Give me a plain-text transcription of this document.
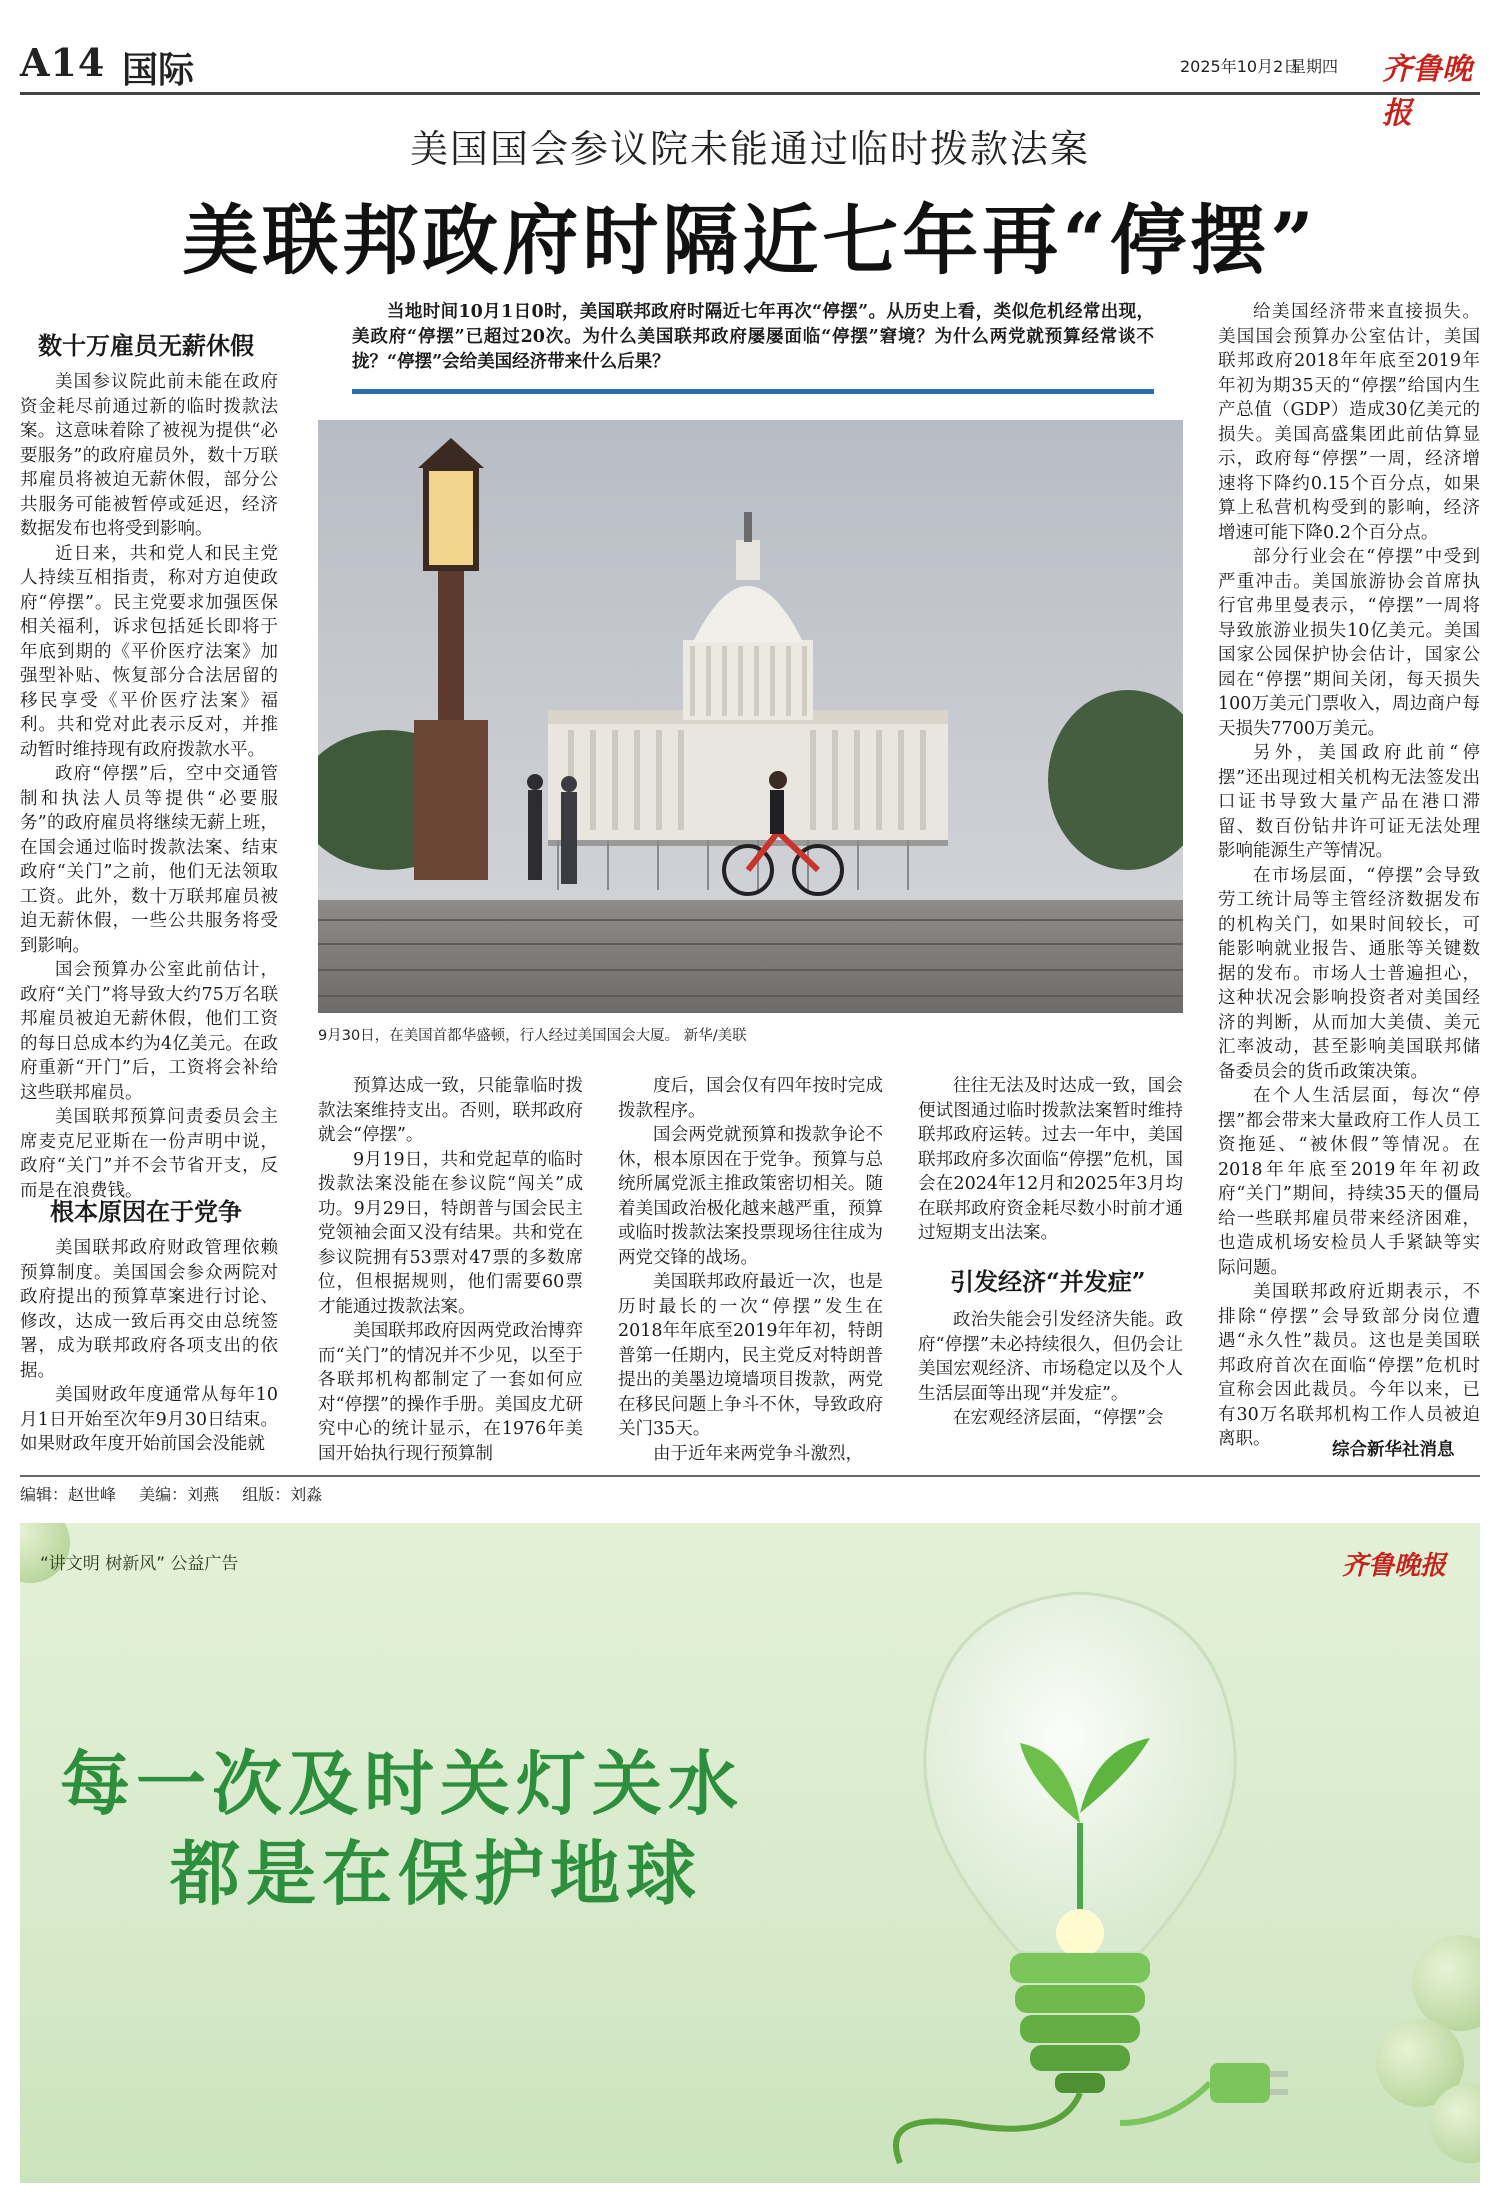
A14 国际	2025年10月2日
星期四 齐鲁晚报
美国国会参议院未能通过临时拨款法案
美联邦政府时隔近七年再“停摆”
当地时间10月1日0时，美国联邦政府时隔近七年再次“停摆”。从历史上看，类似危机经常出现，美政府“停摆”已超过20次。为什么美国联邦政府屡屡面临“停摆”窘境？为什么两党就预算经常谈不拢？“停摆”会给美国经济带来什么后果？
9月30日，在美国首都华盛顿，行人经过美国国会大厦。 新华/美联
数十万雇员无薪休假

美国参议院此前未能在政府资金耗尽前通过新的临时拨款法案。这意味着除了被视为提供“必要服务”的政府雇员外，数十万联邦雇员将被迫无薪休假，部分公共服务可能被暂停或延迟，经济数据发布也将受到影响。

近日来，共和党人和民主党人持续互相指责，称对方迫使政府“停摆”。民主党要求加强医保相关福利，诉求包括延长即将于年底到期的《平价医疗法案》加强型补贴、恢复部分合法居留的移民享受《平价医疗法案》福利。共和党对此表示反对，并推动暂时维持现有政府拨款水平。

政府“停摆”后，空中交通管制和执法人员等提供“必要服务”的政府雇员将继续无薪上班，在国会通过临时拨款法案、结束政府“关门”之前，他们无法领取工资。此外，数十万联邦雇员被迫无薪休假，一些公共服务将受到影响。

国会预算办公室此前估计，政府“关门”将导致大约75万名联邦雇员被迫无薪休假，他们工资的每日总成本约为4亿美元。在政府重新“开门”后，工资将会补给这些联邦雇员。

美国联邦预算问责委员会主席麦克尼亚斯在一份声明中说，政府“关门”并不会节省开支，反而是在浪费钱。

根本原因在于党争

美国联邦政府财政管理依赖预算制度。美国国会参众两院对政府提出的预算草案进行讨论、修改，达成一致后再交由总统签署，成为联邦政府各项支出的依据。

美国财政年度通常从每年10月1日开始至次年9月30日结束。如果财政年度开始前国会没能就

预算达成一致，只能靠临时拨款法案维持支出。否则，联邦政府就会“停摆”。

9月19日，共和党起草的临时拨款法案没能在参议院“闯关”成功。9月29日，特朗普与国会民主党领袖会面又没有结果。共和党在参议院拥有53票对47票的多数席位，但根据规则，他们需要60票才能通过拨款法案。

美国联邦政府因两党政治博弈而“关门”的情况并不少见，以至于各联邦机构都制定了一套如何应对“停摆”的操作手册。美国皮尤研究中心的统计显示，在1976年美国开始执行现行预算制

度后，国会仅有四年按时完成拨款程序。

国会两党就预算和拨款争论不休，根本原因在于党争。预算与总统所属党派主推政策密切相关。随着美国政治极化越来越严重，预算或临时拨款法案投票现场往往成为两党交锋的战场。

美国联邦政府最近一次，也是历时最长的一次“停摆”发生在2018年年底至2019年年初，特朗普第一任期内，民主党反对特朗普提出的美墨边境墙项目拨款，两党在移民问题上争斗不休，导致政府关门35天。

由于近年来两党争斗激烈，

往往无法及时达成一致，国会便试图通过临时拨款法案暂时维持联邦政府运转。过去一年中，美国联邦政府多次面临“停摆”危机，国会在2024年12月和2025年3月均在联邦政府资金耗尽数小时前才通过短期支出法案。

引发经济“并发症”

政治失能会引发经济失能。政府“停摆”未必持续很久，但仍会让美国宏观经济、市场稳定以及个人生活层面等出现“并发症”。

在宏观经济层面，“停摆”会

给美国经济带来直接损失。美国国会预算办公室估计，美国联邦政府2018年年底至2019年年初为期35天的“停摆”给国内生产总值（GDP）造成30亿美元的损失。美国高盛集团此前估算显示，政府每“停摆”一周，经济增速将下降约0.15个百分点，如果算上私营机构受到的影响，经济增速可能下降0.2个百分点。

部分行业会在“停摆”中受到严重冲击。美国旅游协会首席执行官弗里曼表示，“停摆”一周将导致旅游业损失10亿美元。美国国家公园保护协会估计，国家公园在“停摆”期间关闭，每天损失100万美元门票收入，周边商户每天损失7700万美元。

另外，美国政府此前“停摆”还出现过相关机构无法签发出口证书导致大量产品在港口滞留、数百份钻井许可证无法处理影响能源生产等情况。

在市场层面，“停摆”会导致劳工统计局等主管经济数据发布的机构关门，如果时间较长，可能影响就业报告、通胀等关键数据的发布。市场人士普遍担心，这种状况会影响投资者对美国经济的判断，从而加大美债、美元汇率波动，甚至影响美国联邦储备委员会的货币政策决策。

在个人生活层面，每次“停摆”都会带来大量政府工作人员工资拖延、“被休假”等情况。在2018年年底至2019年年初政府“关门”期间，持续35天的僵局给一些联邦雇员带来经济困难，也造成机场安检员人手紧缺等实际问题。

美国联邦政府近期表示，不排除“停摆”会导致部分岗位遭遇“永久性”裁员。这也是美国联邦政府首次在面临“停摆”危机时宣称会因此裁员。今年以来，已有30万名联邦机构工作人员被迫离职。

综合新华社消息
编辑：赵世峰 美编：刘燕 组版：刘淼
“讲文明 树新风” 公益广告	齐鲁晚报
每一次及时关灯关水
都是在保护地球
